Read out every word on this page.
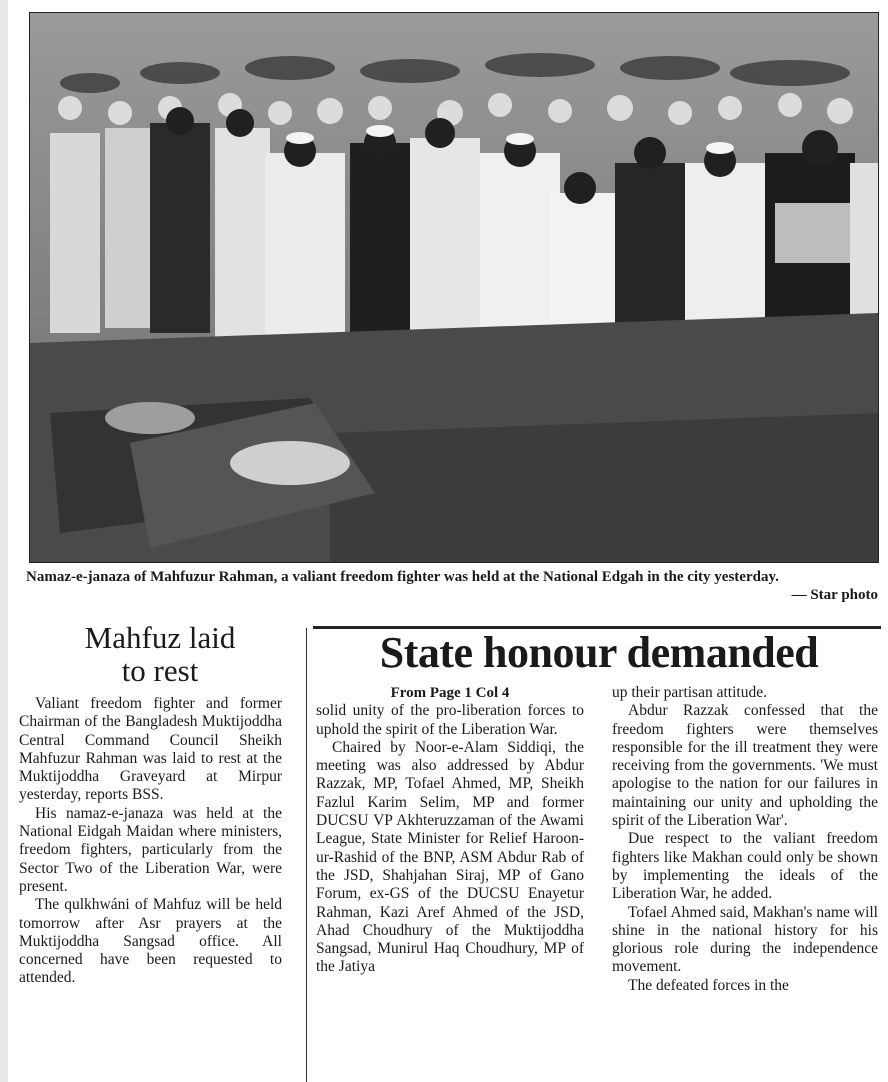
Namaz-e-janaza of Mahfuzur Rahman, a valiant freedom fighter was held at the National Edgah in the city yesterday.
— Star photo
Mahfuz laid
to rest

Valiant freedom fighter and former Chairman of the Bangladesh Muktijoddha Central Command Council Sheikh Mahfuzur Rahman was laid to rest at the Muktijoddha Graveyard at Mirpur yesterday, reports BSS.

His namaz-e-janaza was held at the National Eidgah Maidan where ministers, freedom fighters, particularly from the Sector Two of the Liberation War, were present.

The qulkhwáni of Mahfuz will be held tomorrow after Asr prayers at the Muktijoddha Sangsad office. All concerned have been requested to attended.

State honour demanded
From Page 1 Col 4

solid unity of the pro-liberation forces to uphold the spirit of the Liberation War.

Chaired by Noor-e-Alam Siddiqi, the meeting was also addressed by Abdur Razzak, MP, Tofael Ahmed, MP, Sheikh Fazlul Karim Selim, MP and former DUCSU VP Akhteruzzaman of the Awami League, State Minister for Relief Haroon-ur-Rashid of the BNP, ASM Abdur Rab of the JSD, Shahjahan Siraj, MP of Gano Forum, ex-GS of the DUCSU Enayetur Rahman, Kazi Aref Ahmed of the JSD, Ahad Choudhury of the Muktijoddha Sangsad, Munirul Haq Choudhury, MP of the Jatiya

up their partisan attitude.

Abdur Razzak confessed that the freedom fighters were themselves responsible for the ill treatment they were receiving from the governments. 'We must apologise to the nation for our failures in maintaining our unity and upholding the spirit of the Liberation War'.

Due respect to the valiant freedom fighters like Makhan could only be shown by implementing the ideals of the Liberation War, he added.

Tofael Ahmed said, Makhan's name will shine in the national history for his glorious role during the independence movement.

The defeated forces in the
